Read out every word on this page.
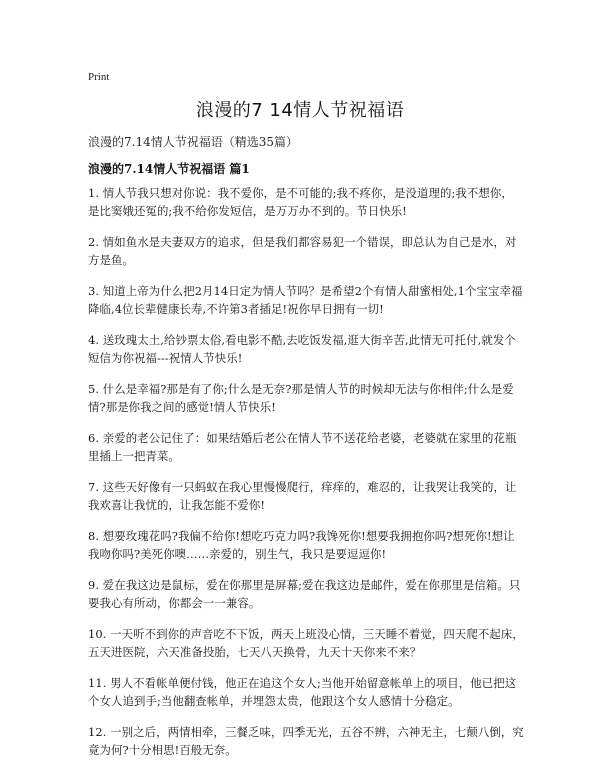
Print
浪漫的7 14情人节祝福语
浪漫的7.14情人节祝福语（精选35篇）
浪漫的7.14情人节祝福语 篇1

1. 情人节我只想对你说：我不爱你，是不可能的;我不疼你，是没道理的;我不想你，是比窦娥还冤的;我不给你发短信，是万万办不到的。节日快乐!

2. 情如鱼水是夫妻双方的追求，但是我们都容易犯一个错误，即总认为自己是水，对方是鱼。

3. 知道上帝为什么把2月14日定为情人节吗？是希望2个有情人甜蜜相处,1个宝宝幸福降临,4位长辈健康长寿,不许第3者插足!祝你早日拥有一切!

4. 送玫瑰太土,给钞票太俗,看电影不酷,去吃饭发福,逛大街辛苦,此情无可托付,就发个短信为你祝福---祝情人节快乐!

5. 什么是幸福?那是有了你;什么是无奈?那是情人节的时候却无法与你相伴;什么是爱情?那是你我之间的感觉!情人节快乐!

6. 亲爱的老公记住了：如果结婚后老公在情人节不送花给老婆，老婆就在家里的花瓶里插上一把青菜。

7. 这些天好像有一只蚂蚁在我心里慢慢爬行，痒痒的，难忍的，让我哭让我笑的，让我欢喜让我忧的，让我怎能不爱你!

8. 想要玫瑰花吗?我偏不给你!想吃巧克力吗?我馋死你!想要我拥抱你吗?想死你!想让我吻你吗?美死你噢……亲爱的，别生气，我只是要逗逗你!

9. 爱在我这边是鼠标，爱在你那里是屏幕;爱在我这边是邮件，爱在你那里是信箱。只要我心有所动，你都会一一兼容。

10. 一天听不到你的声音吃不下饭，两天上班没心情，三天睡不着觉，四天爬不起床，五天进医院，六天准备投胎，七天八天换骨，九天十天你来不来？

11. 男人不看帐单便付钱，他正在追这个女人;当他开始留意帐单上的项目，他已把这个女人追到手;当他翻查帐单，并埋怨太贵，他跟这个女人感情十分稳定。

12. 一别之后，两情相牵，三餐乏味，四季无光，五谷不辨，六神无主，七颠八倒，究竟为何?十分相思!百般无奈。
